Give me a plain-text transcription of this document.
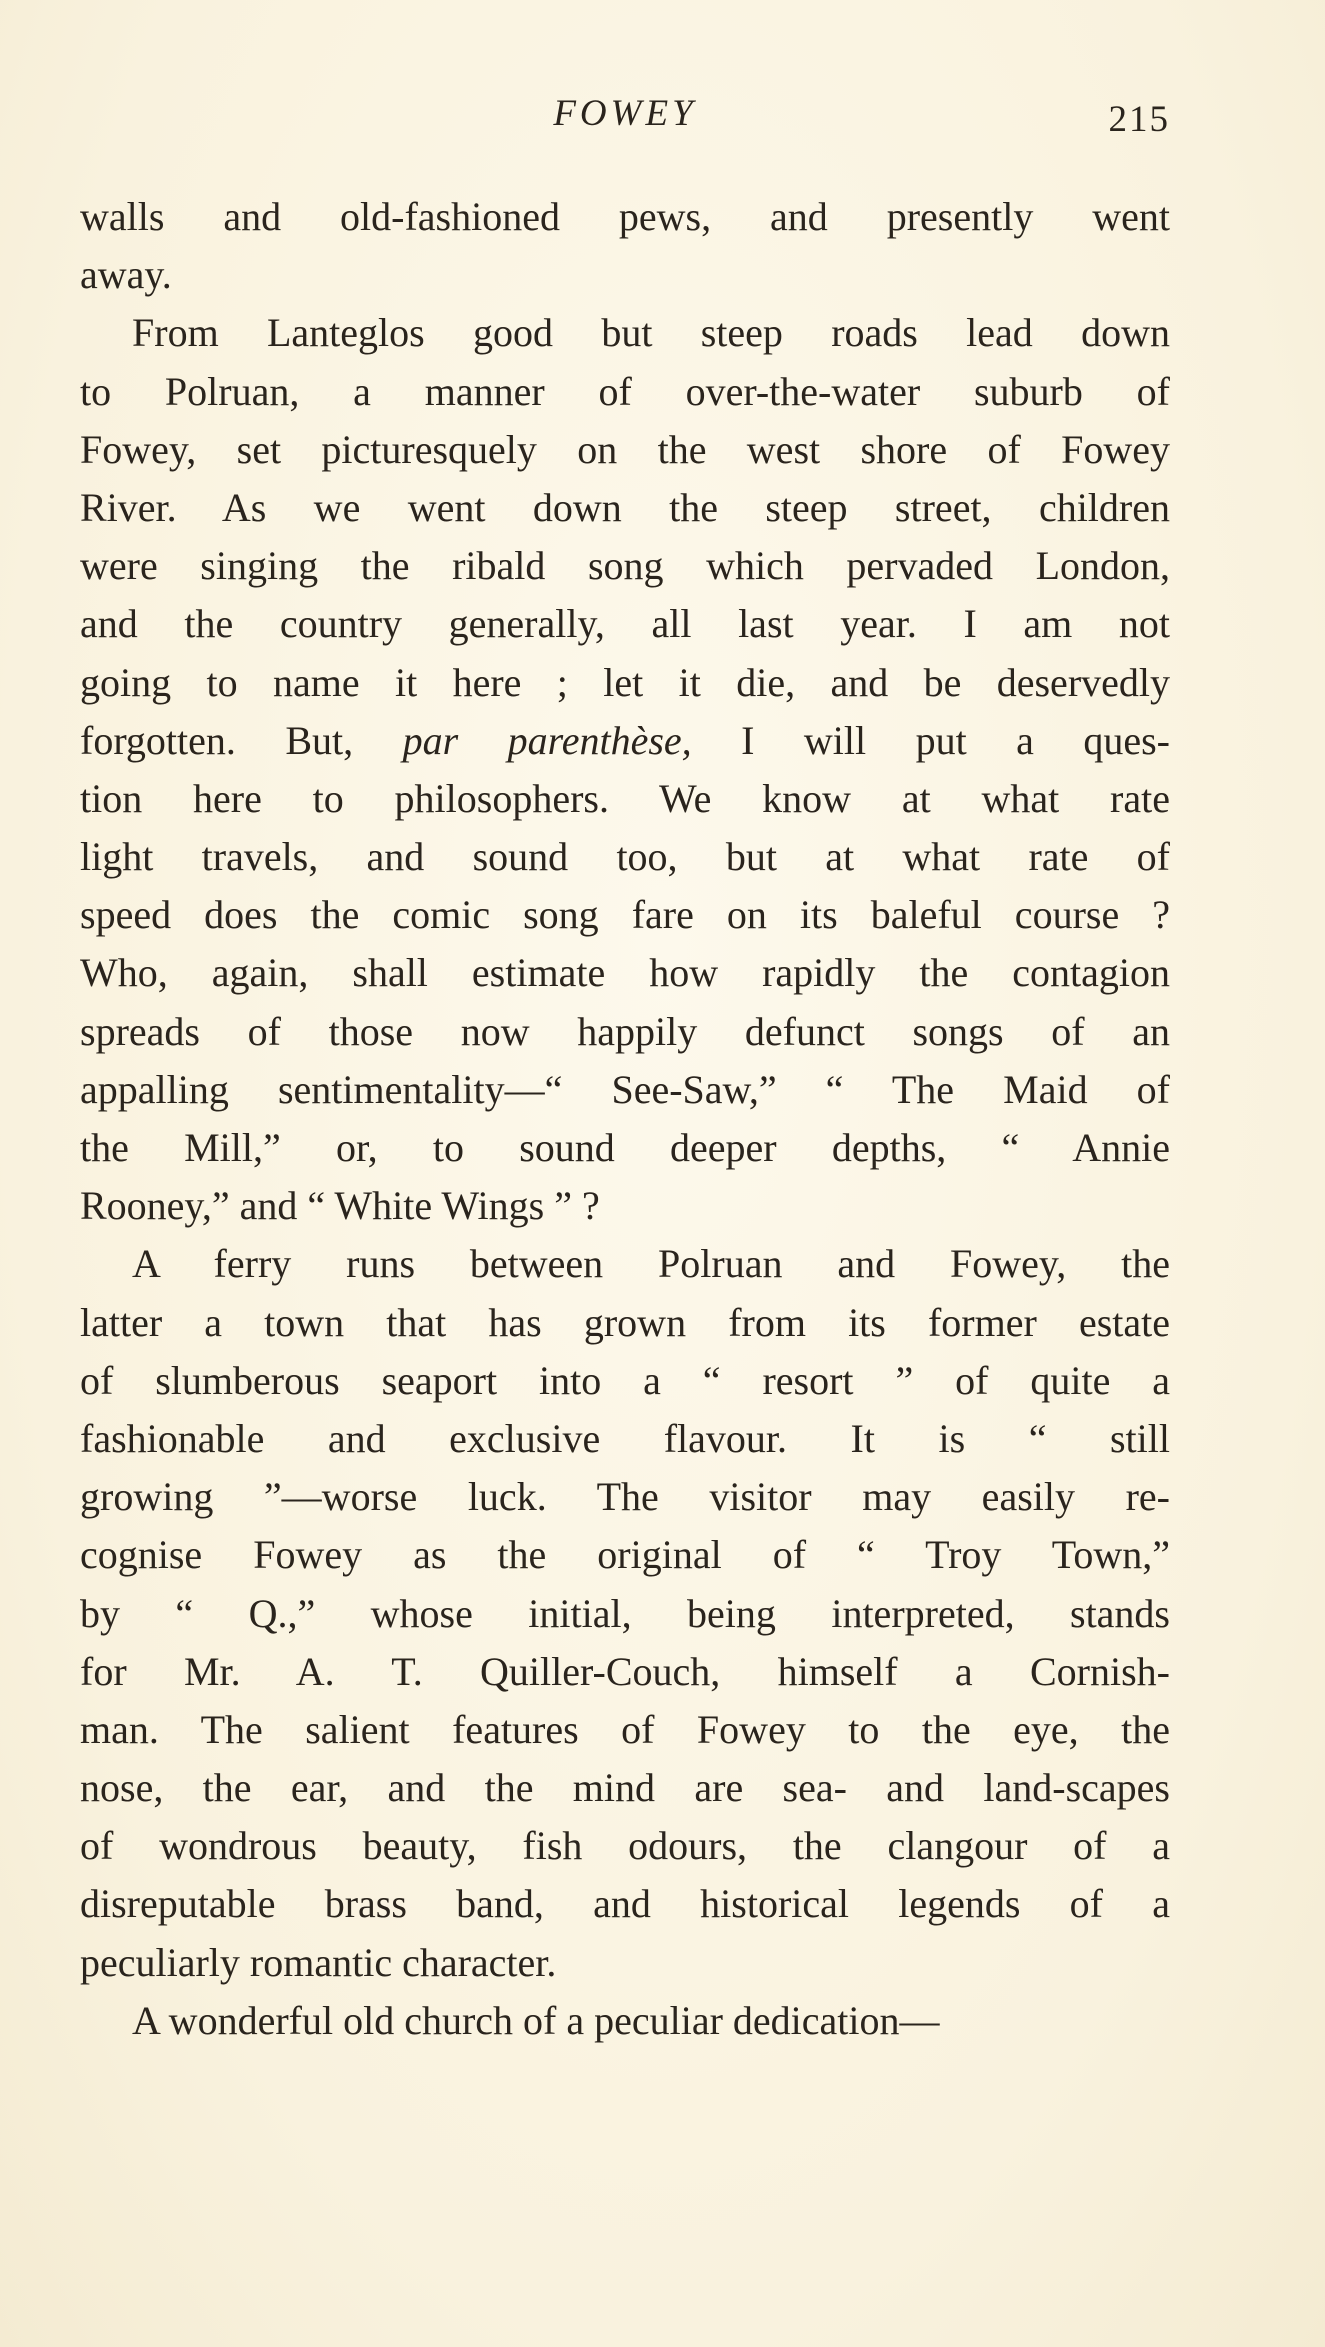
FOWEY	215
walls and old-fashioned pews, and presently went
away.
From Lanteglos good but steep roads lead down
to Polruan, a manner of over-the-water suburb of
Fowey, set picturesquely on the west shore of Fowey
River. As we went down the steep street, children
were singing the ribald song which pervaded London,
and the country generally, all last year. I am not
going to name it here ; let it die, and be deservedly
forgotten. But, par parenthèse, I will put a ques-
tion here to philosophers. We know at what rate
light travels, and sound too, but at what rate of
speed does the comic song fare on its baleful course ?
Who, again, shall estimate how rapidly the contagion
spreads of those now happily defunct songs of an
appalling sentimentality—“ See-Saw,” “ The Maid of
the Mill,” or, to sound deeper depths, “ Annie
Rooney,” and “ White Wings ” ?
A ferry runs between Polruan and Fowey, the
latter a town that has grown from its former estate
of slumberous seaport into a “ resort ” of quite a
fashionable and exclusive flavour. It is “ still
growing ”—worse luck. The visitor may easily re-
cognise Fowey as the original of “ Troy Town,”
by “ Q.,” whose initial, being interpreted, stands
for Mr. A. T. Quiller-Couch, himself a Cornish-
man. The salient features of Fowey to the eye, the
nose, the ear, and the mind are sea- and land-scapes
of wondrous beauty, fish odours, the clangour of a
disreputable brass band, and historical legends of a
peculiarly romantic character.
A wonderful old church of a peculiar dedication—
